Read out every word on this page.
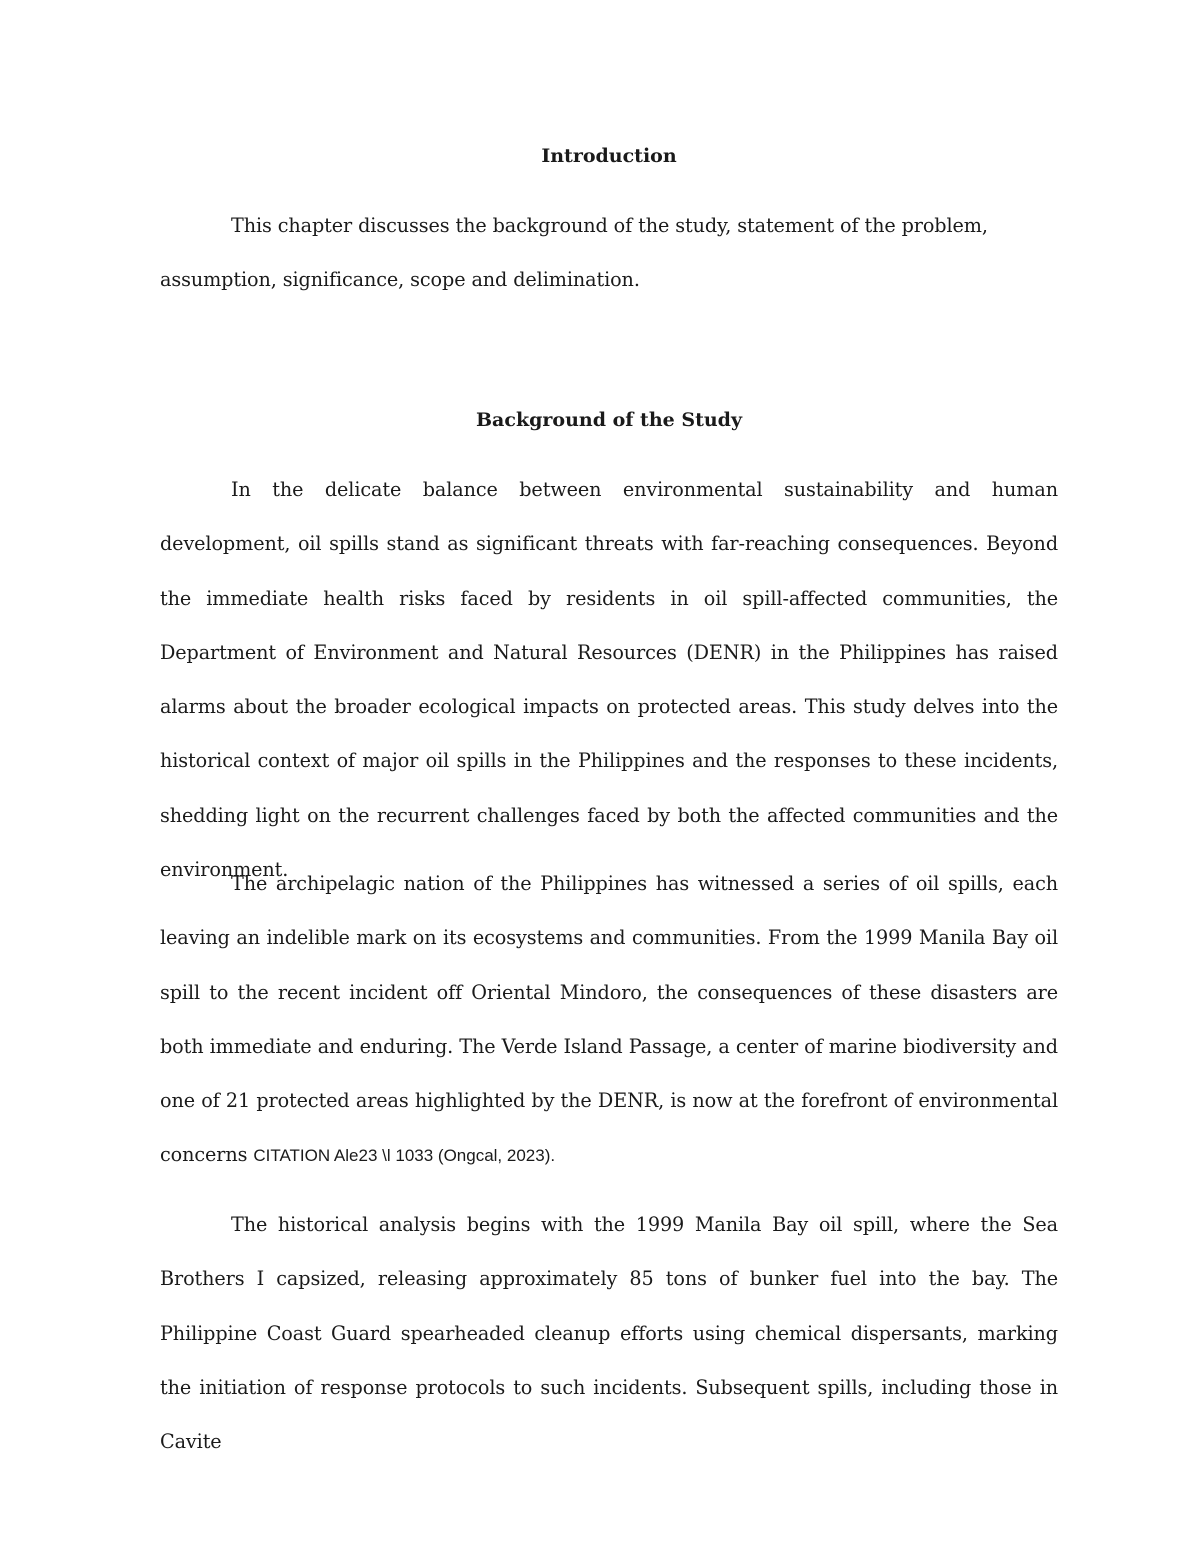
Introduction

This chapter discusses the background of the study, statement of the problem, assumption, significance, scope and delimination.

Background of the Study

In the delicate balance between environmental sustainability and human development, oil spills stand as significant threats with far-reaching consequences. Beyond the immediate health risks faced by residents in oil spill-affected communities, the Department of Environment and Natural Resources (DENR) in the Philippines has raised alarms about the broader ecological impacts on protected areas. This study delves into the historical context of major oil spills in the Philippines and the responses to these incidents, shedding light on the recurrent challenges faced by both the affected communities and the environment.

The archipelagic nation of the Philippines has witnessed a series of oil spills, each leaving an indelible mark on its ecosystems and communities. From the 1999 Manila Bay oil spill to the recent incident off Oriental Mindoro, the consequences of these disasters are both immediate and enduring. The Verde Island Passage, a center of marine biodiversity and one of 21 protected areas highlighted by the DENR, is now at the forefront of environmental concerns CITATION Ale23 \l 1033 (Ongcal, 2023).

The historical analysis begins with the 1999 Manila Bay oil spill, where the Sea Brothers I capsized, releasing approximately 85 tons of bunker fuel into the bay. The Philippine Coast Guard spearheaded cleanup efforts using chemical dispersants, marking the initiation of response protocols to such incidents. Subsequent spills, including those in Cavite
